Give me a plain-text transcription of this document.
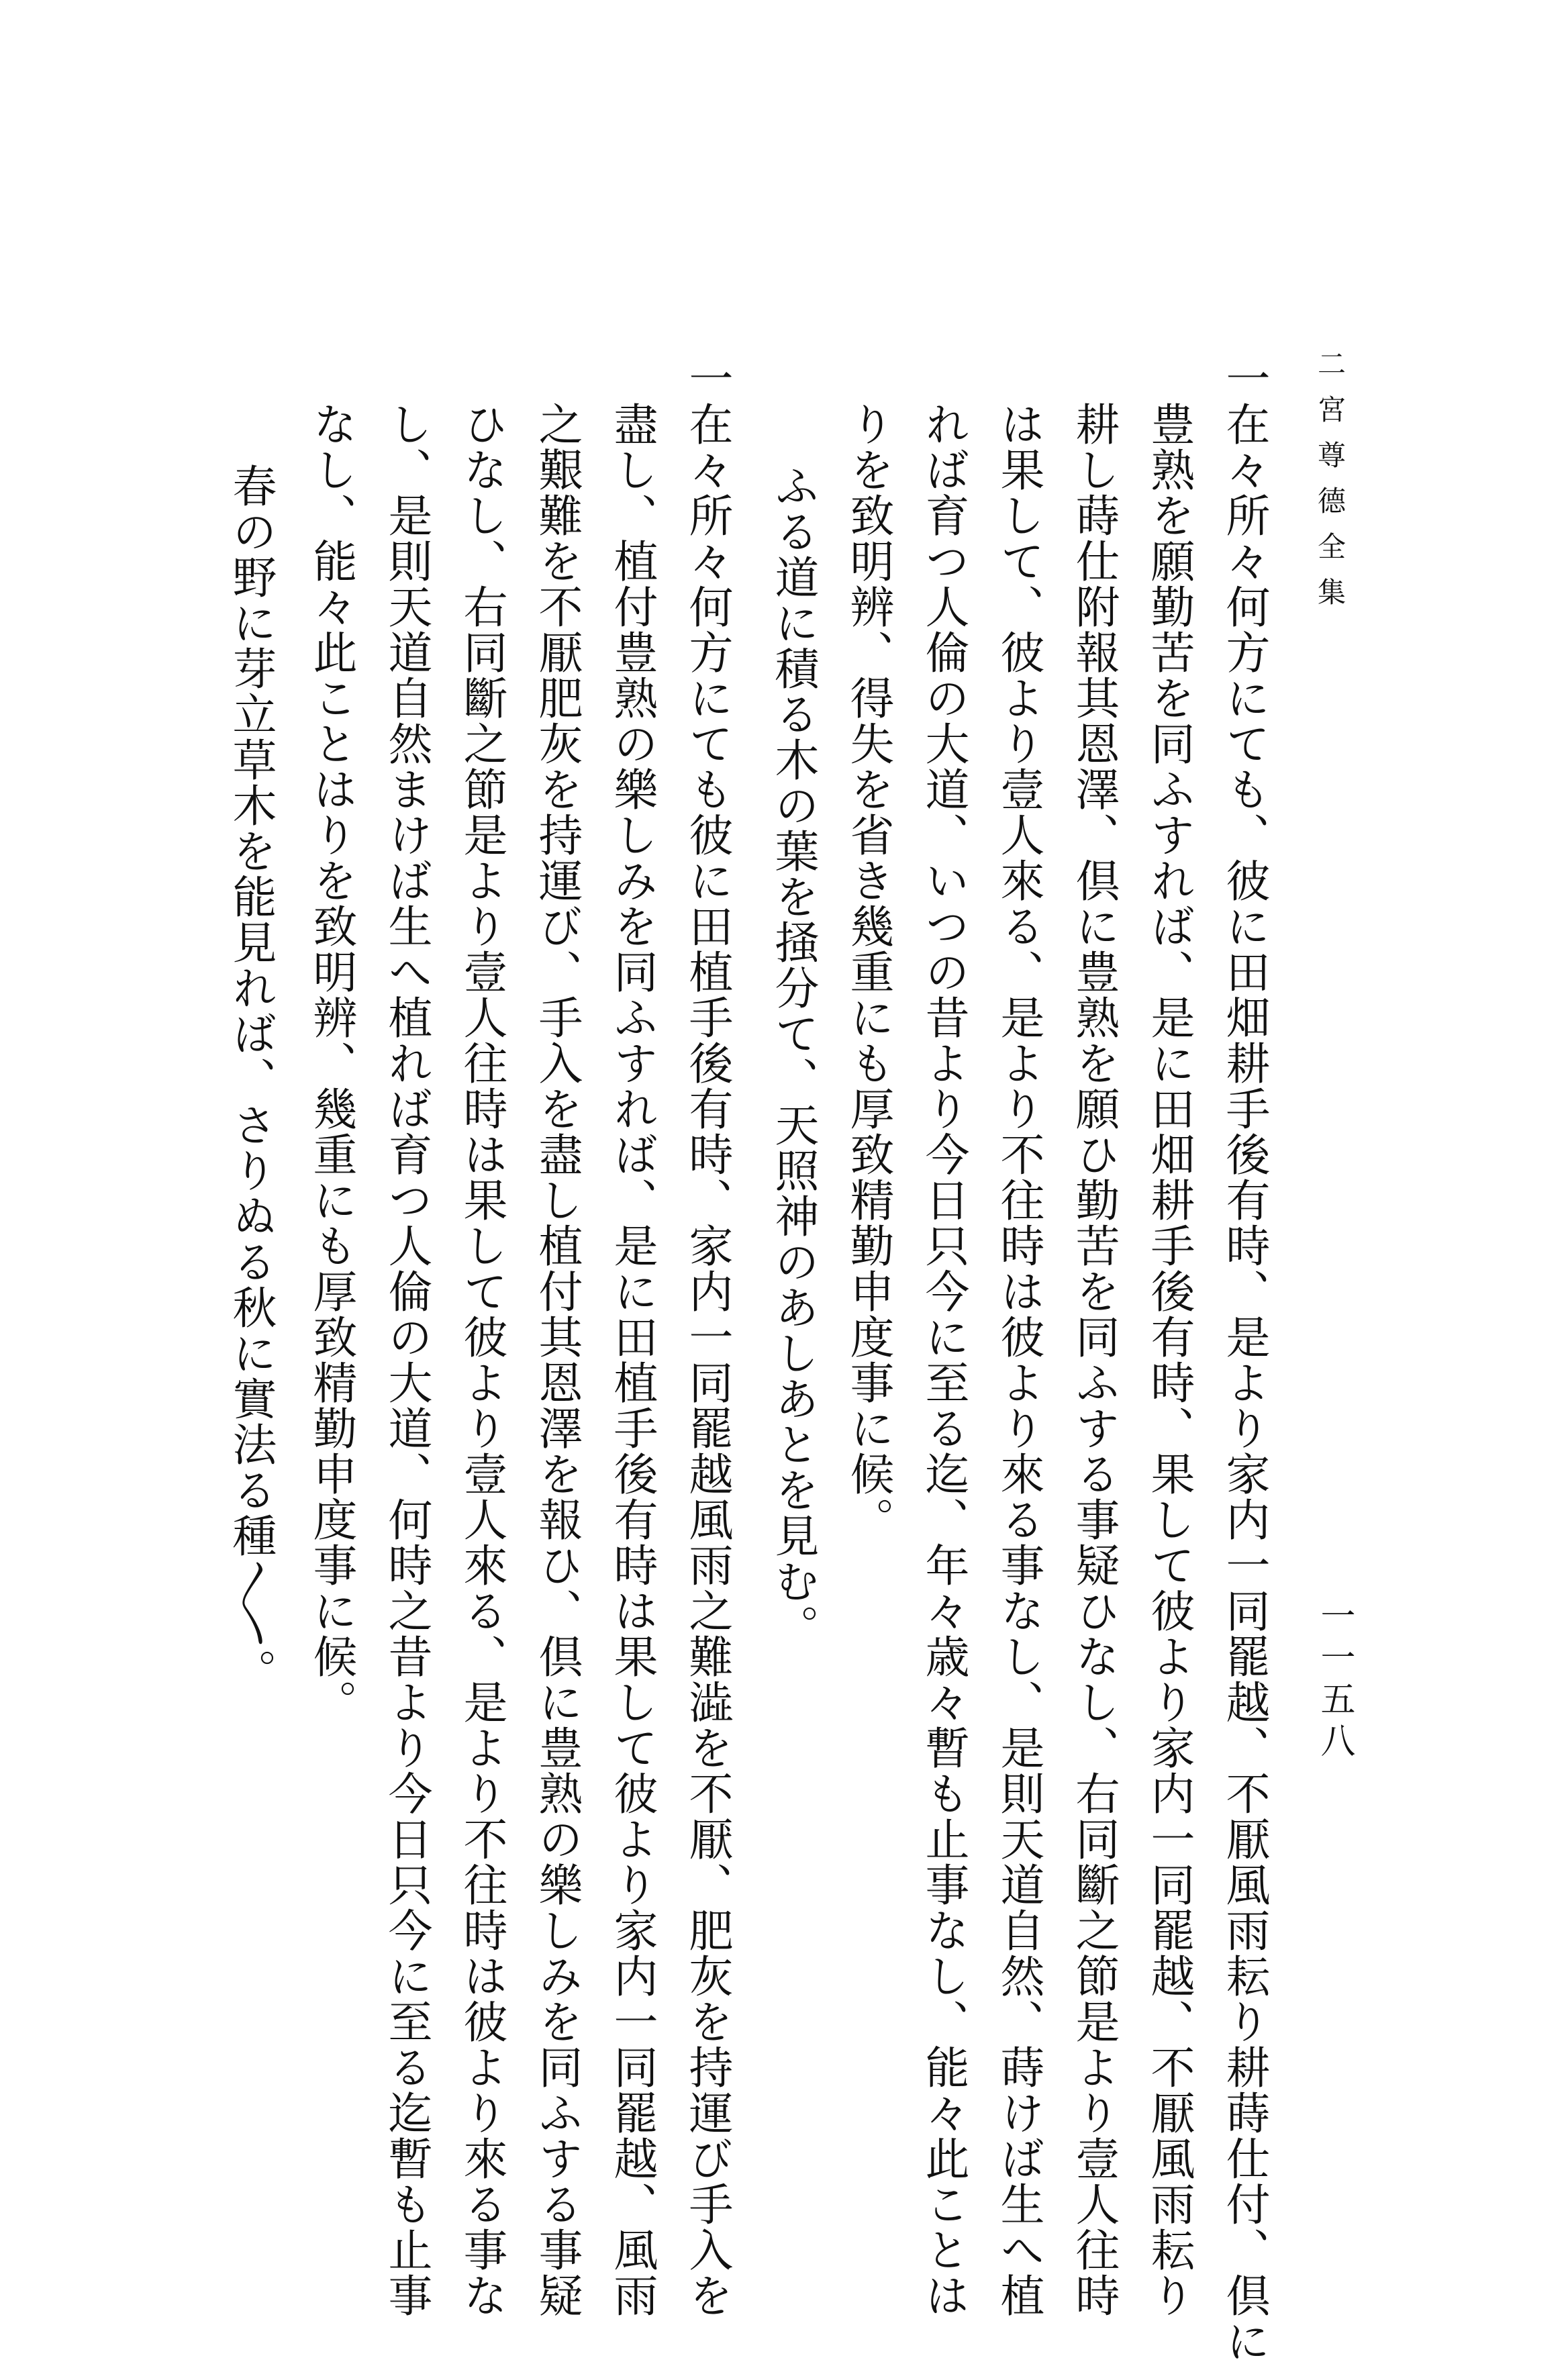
二宮尊德全集
一一五八
一在々所々何方にても、彼に田畑耕手後有時、是より家内一同罷越、不厭風雨耘り耕蒔仕付、倶に
豊熟を願勤苦を同ふすれば、是に田畑耕手後有時、果して彼より家内一同罷越、不厭風雨耘り
耕し蒔仕附報其恩澤、倶に豊熟を願ひ勤苦を同ふする事疑ひなし、右同斷之節是より壹人往時
は果して、彼より壹人來る、是より不往時は彼より來る事なし、是則天道自然、蒔けば生へ植
れば育つ人倫の大道、いつの昔より今日只今に至る迄、年々歳々暫も止事なし、能々此ことは
りを致明辨、得失を省き幾重にも厚致精勤申度事に候。
ふる道に積る木の葉を掻分て、天照神のあしあとを見む。
一在々所々何方にても彼に田植手後有時、家内一同罷越風雨之難澁を不厭、肥灰を持運び手入を
盡し、植付豊熟の樂しみを同ふすれば、是に田植手後有時は果して彼より家内一同罷越、風雨
之艱難を不厭肥灰を持運び、手入を盡し植付其恩澤を報ひ、倶に豊熟の樂しみを同ふする事疑
ひなし、右同斷之節是より壹人往時は果して彼より壹人來る、是より不往時は彼より來る事な
し、是則天道自然まけば生へ植れば育つ人倫の大道、何時之昔より今日只今に至る迄暫も止事
なし、能々此ことはりを致明辨、幾重にも厚致精勤申度事に候。
春の野に芽立草木を能見れば、さりぬる秋に實法る種〳〵。
